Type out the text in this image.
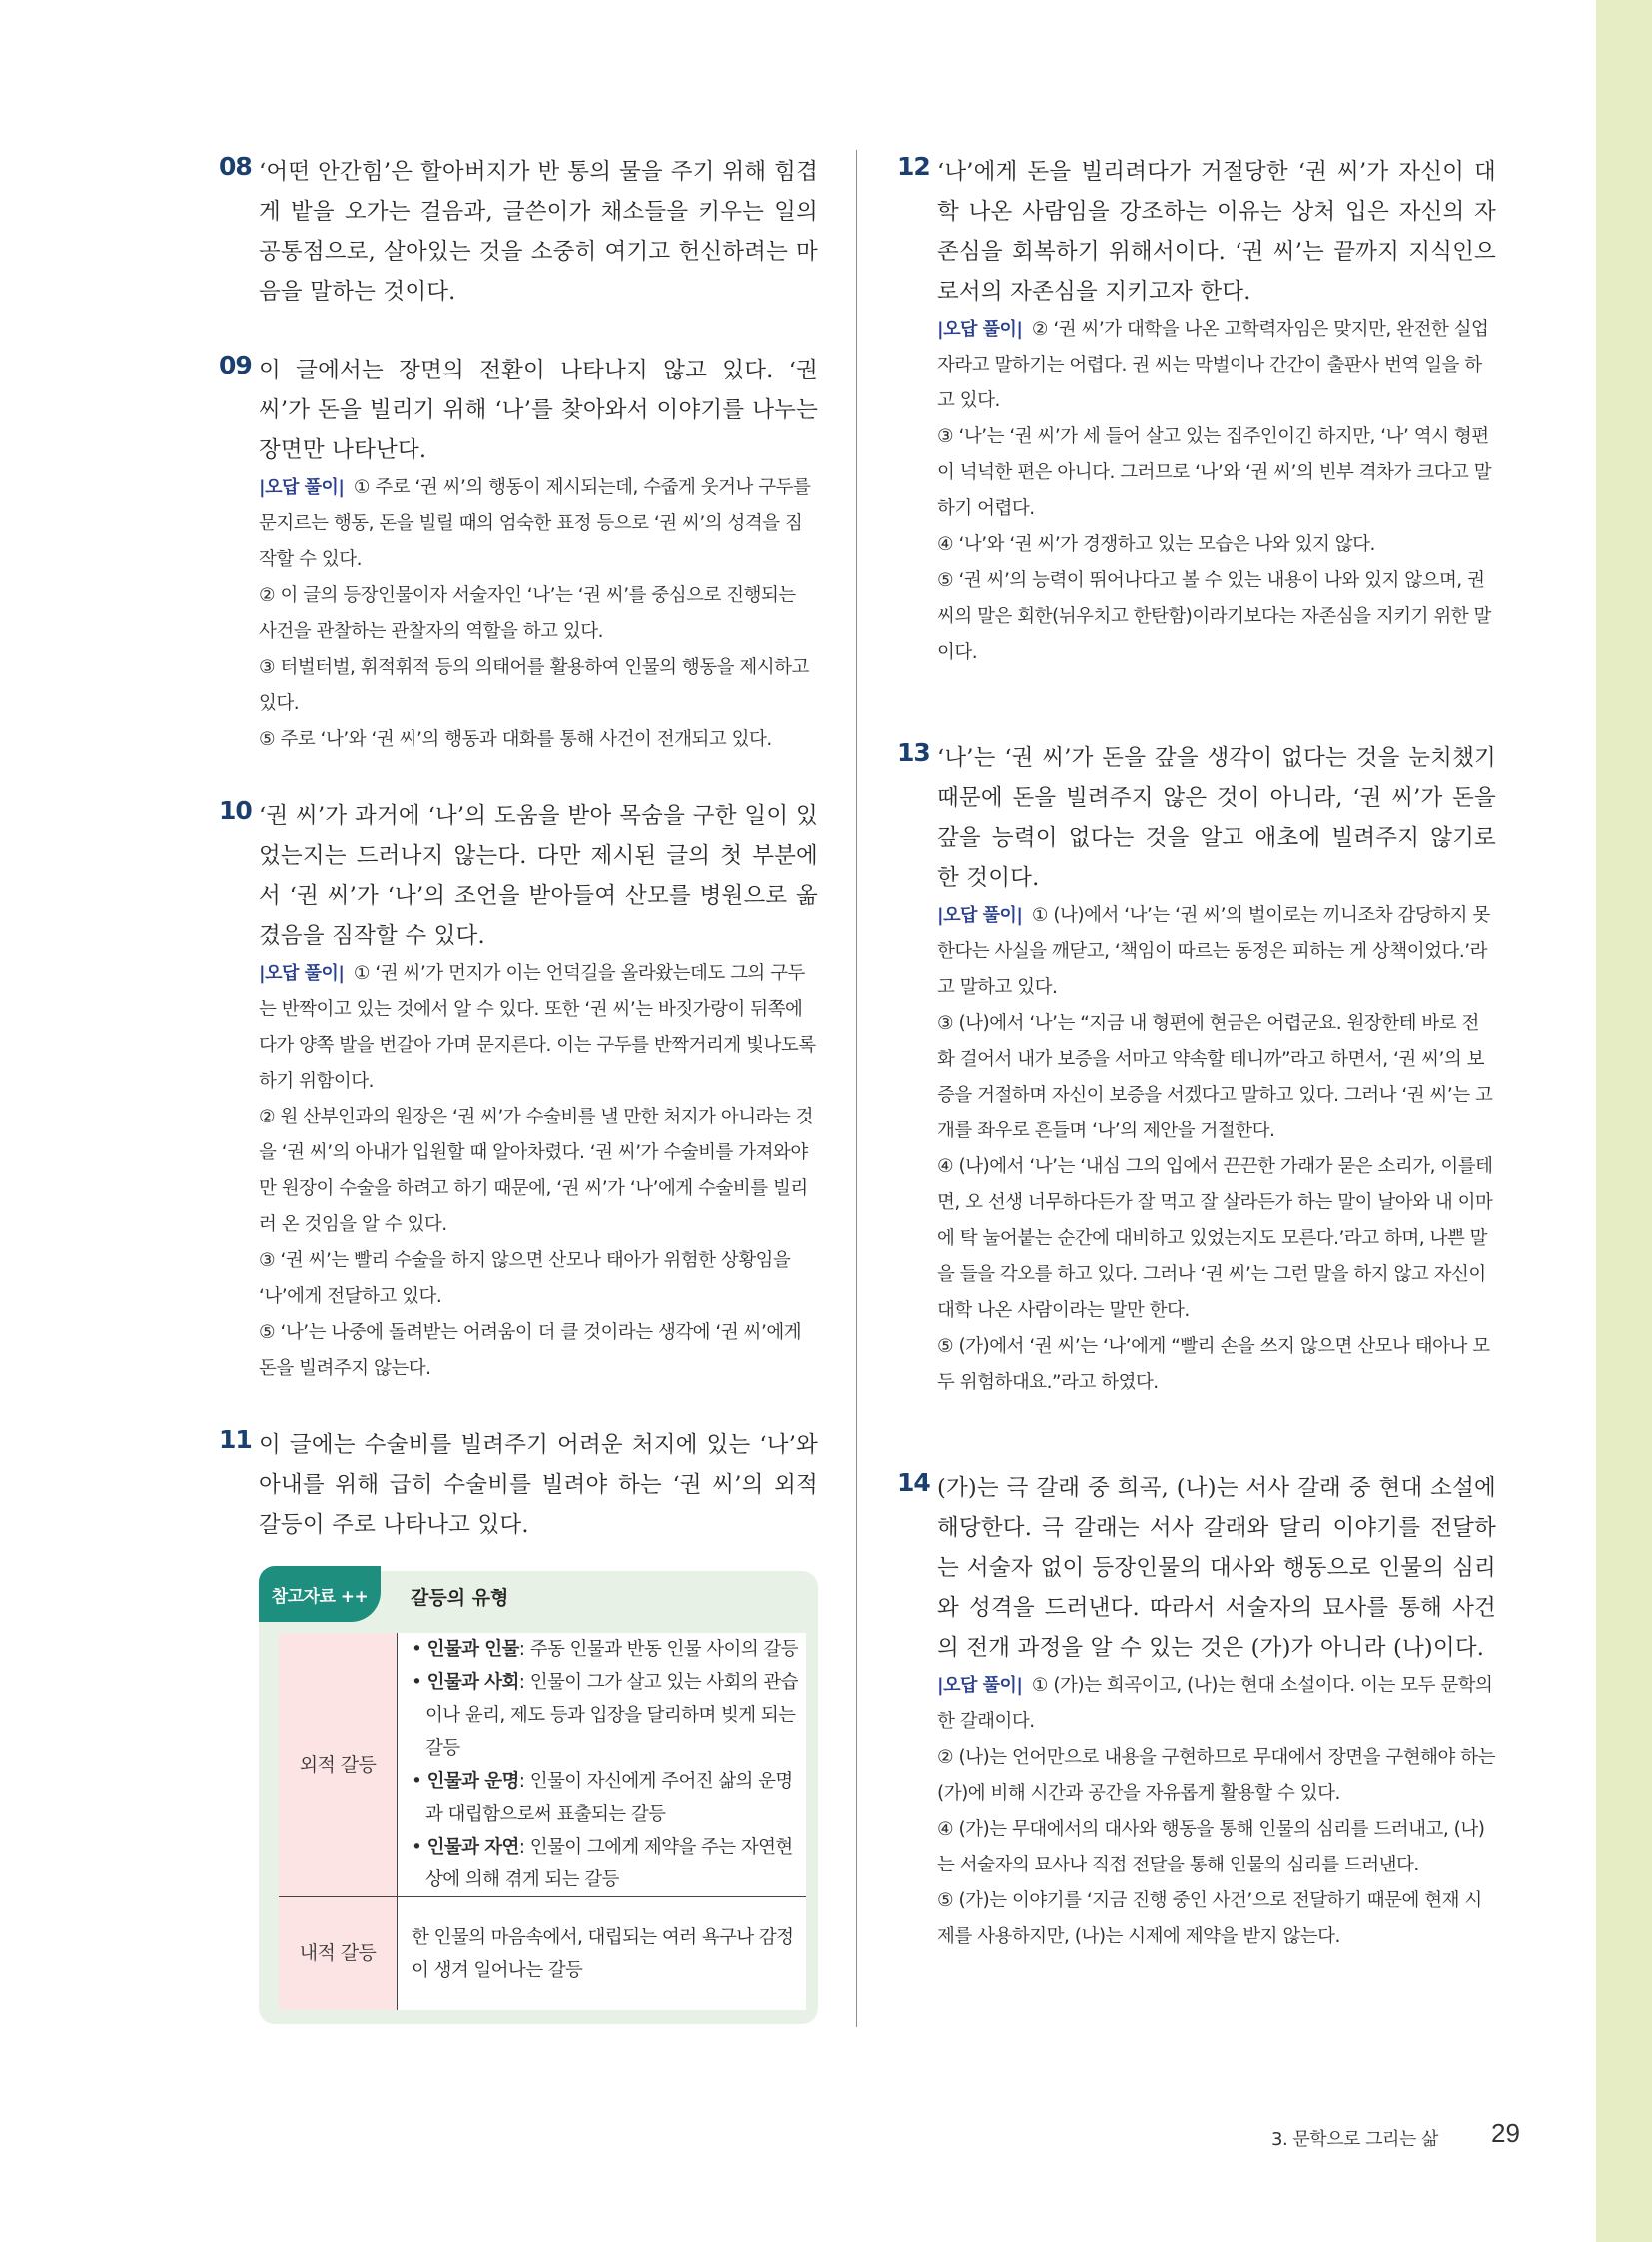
08 ‘어떤 안간힘’은 할아버지가 반 통의 물을 주기 위해 힘겹게 밭을 오가는 걸음과, 글쓴이가 채소들을 키우는 일의 공통점으로, 살아있는 것을 소중히 여기고 헌신하려는 마음을 말하는 것이다.
09 이 글에서는 장면의 전환이 나타나지 않고 있다. ‘권 씨’가 돈을 빌리기 위해 ‘나’를 찾아와서 이야기를 나누는 장면만 나타난다.

|오답 풀이| ① 주로 ‘권 씨’의 행동이 제시되는데, 수줍게 웃거나 구두를 문지르는 행동, 돈을 빌릴 때의 엄숙한 표정 등으로 ‘권 씨’의 성격을 짐작할 수 있다.

② 이 글의 등장인물이자 서술자인 ‘나’는 ‘권 씨’를 중심으로 진행되는 사건을 관찰하는 관찰자의 역할을 하고 있다.

③ 터벌터벌, 휘적휘적 등의 의태어를 활용하여 인물의 행동을 제시하고 있다.

⑤ 주로 ‘나’와 ‘권 씨’의 행동과 대화를 통해 사건이 전개되고 있다.

10 ‘권 씨’가 과거에 ‘나’의 도움을 받아 목숨을 구한 일이 있었는지는 드러나지 않는다. 다만 제시된 글의 첫 부분에서 ‘권 씨’가 ‘나’의 조언을 받아들여 산모를 병원으로 옮겼음을 짐작할 수 있다.

|오답 풀이| ① ‘권 씨’가 먼지가 이는 언덕길을 올라왔는데도 그의 구두는 반짝이고 있는 것에서 알 수 있다. 또한 ‘권 씨’는 바짓가랑이 뒤쪽에다가 양쪽 발을 번갈아 가며 문지른다. 이는 구두를 반짝거리게 빛나도록 하기 위함이다.

② 원 산부인과의 원장은 ‘권 씨’가 수술비를 낼 만한 처지가 아니라는 것을 ‘권 씨’의 아내가 입원할 때 알아차렸다. ‘권 씨’가 수술비를 가져와야만 원장이 수술을 하려고 하기 때문에, ‘권 씨’가 ‘나’에게 수술비를 빌리러 온 것임을 알 수 있다.

③ ‘권 씨’는 빨리 수술을 하지 않으면 산모나 태아가 위험한 상황임을 ‘나’에게 전달하고 있다.

⑤ ‘나’는 나중에 돌려받는 어려움이 더 클 것이라는 생각에 ‘권 씨’에게 돈을 빌려주지 않는다.

11 이 글에는 수술비를 빌려주기 어려운 처지에 있는 ‘나’와 아내를 위해 급히 수술비를 빌려야 하는 ‘권 씨’의 외적 갈등이 주로 나타나고 있다.
참고자료 ++	갈등의 유형
외적 갈등	• 인물과 인물: 주동 인물과 반동 인물 사이의 갈등
• 인물과 사회: 인물이 그가 살고 있는 사회의 관습이나 윤리, 제도 등과 입장을 달리하며 빚게 되는 갈등
• 인물과 운명: 인물이 자신에게 주어진 삶의 운명과 대립함으로써 표출되는 갈등
• 인물과 자연: 인물이 그에게 제약을 주는 자연현상에 의해 겪게 되는 갈등

내적 갈등	한 인물의 마음속에서, 대립되는 여러 욕구나 감정이 생겨 일어나는 갈등
12 ‘나’에게 돈을 빌리려다가 거절당한 ‘권 씨’가 자신이 대학 나온 사람임을 강조하는 이유는 상처 입은 자신의 자존심을 회복하기 위해서이다. ‘권 씨’는 끝까지 지식인으로서의 자존심을 지키고자 한다.

|오답 풀이| ② ‘권 씨’가 대학을 나온 고학력자임은 맞지만, 완전한 실업자라고 말하기는 어렵다. 권 씨는 막벌이나 간간이 출판사 번역 일을 하고 있다.

③ ‘나’는 ‘권 씨’가 세 들어 살고 있는 집주인이긴 하지만, ‘나’ 역시 형편이 넉넉한 편은 아니다. 그러므로 ‘나’와 ‘권 씨’의 빈부 격차가 크다고 말하기 어렵다.

④ ‘나’와 ‘권 씨’가 경쟁하고 있는 모습은 나와 있지 않다.

⑤ ‘권 씨’의 능력이 뛰어나다고 볼 수 있는 내용이 나와 있지 않으며, 권 씨의 말은 회한(뉘우치고 한탄함)이라기보다는 자존심을 지키기 위한 말이다.

13 ‘나’는 ‘권 씨’가 돈을 갚을 생각이 없다는 것을 눈치챘기 때문에 돈을 빌려주지 않은 것이 아니라, ‘권 씨’가 돈을 갚을 능력이 없다는 것을 알고 애초에 빌려주지 않기로 한 것이다.

|오답 풀이| ① (나)에서 ‘나’는 ‘권 씨’의 벌이로는 끼니조차 감당하지 못한다는 사실을 깨닫고, ‘책임이 따르는 동정은 피하는 게 상책이었다.’라고 말하고 있다.

③ (나)에서 ‘나’는 “지금 내 형편에 현금은 어렵군요. 원장한테 바로 전화 걸어서 내가 보증을 서마고 약속할 테니까”라고 하면서, ‘권 씨’의 보증을 거절하며 자신이 보증을 서겠다고 말하고 있다. 그러나 ‘권 씨’는 고개를 좌우로 흔들며 ‘나’의 제안을 거절한다.

④ (나)에서 ‘나’는 ‘내심 그의 입에서 끈끈한 가래가 묻은 소리가, 이를테면, 오 선생 너무하다든가 잘 먹고 잘 살라든가 하는 말이 날아와 내 이마에 탁 눌어붙는 순간에 대비하고 있었는지도 모른다.’라고 하며, 나쁜 말을 들을 각오를 하고 있다. 그러나 ‘권 씨’는 그런 말을 하지 않고 자신이 대학 나온 사람이라는 말만 한다.

⑤ (가)에서 ‘권 씨’는 ‘나’에게 “빨리 손을 쓰지 않으면 산모나 태아나 모두 위험하대요.”라고 하였다.

14 (가)는 극 갈래 중 희곡, (나)는 서사 갈래 중 현대 소설에 해당한다. 극 갈래는 서사 갈래와 달리 이야기를 전달하는 서술자 없이 등장인물의 대사와 행동으로 인물의 심리와 성격을 드러낸다. 따라서 서술자의 묘사를 통해 사건의 전개 과정을 알 수 있는 것은 (가)가 아니라 (나)이다.

|오답 풀이| ① (가)는 희곡이고, (나)는 현대 소설이다. 이는 모두 문학의 한 갈래이다.

② (나)는 언어만으로 내용을 구현하므로 무대에서 장면을 구현해야 하는 (가)에 비해 시간과 공간을 자유롭게 활용할 수 있다.

④ (가)는 무대에서의 대사와 행동을 통해 인물의 심리를 드러내고, (나)는 서술자의 묘사나 직접 전달을 통해 인물의 심리를 드러낸다.

⑤ (가)는 이야기를 ‘지금 진행 중인 사건’으로 전달하기 때문에 현재 시제를 사용하지만, (나)는 시제에 제약을 받지 않는다.

3. 문학으로 그리는 삶 29
